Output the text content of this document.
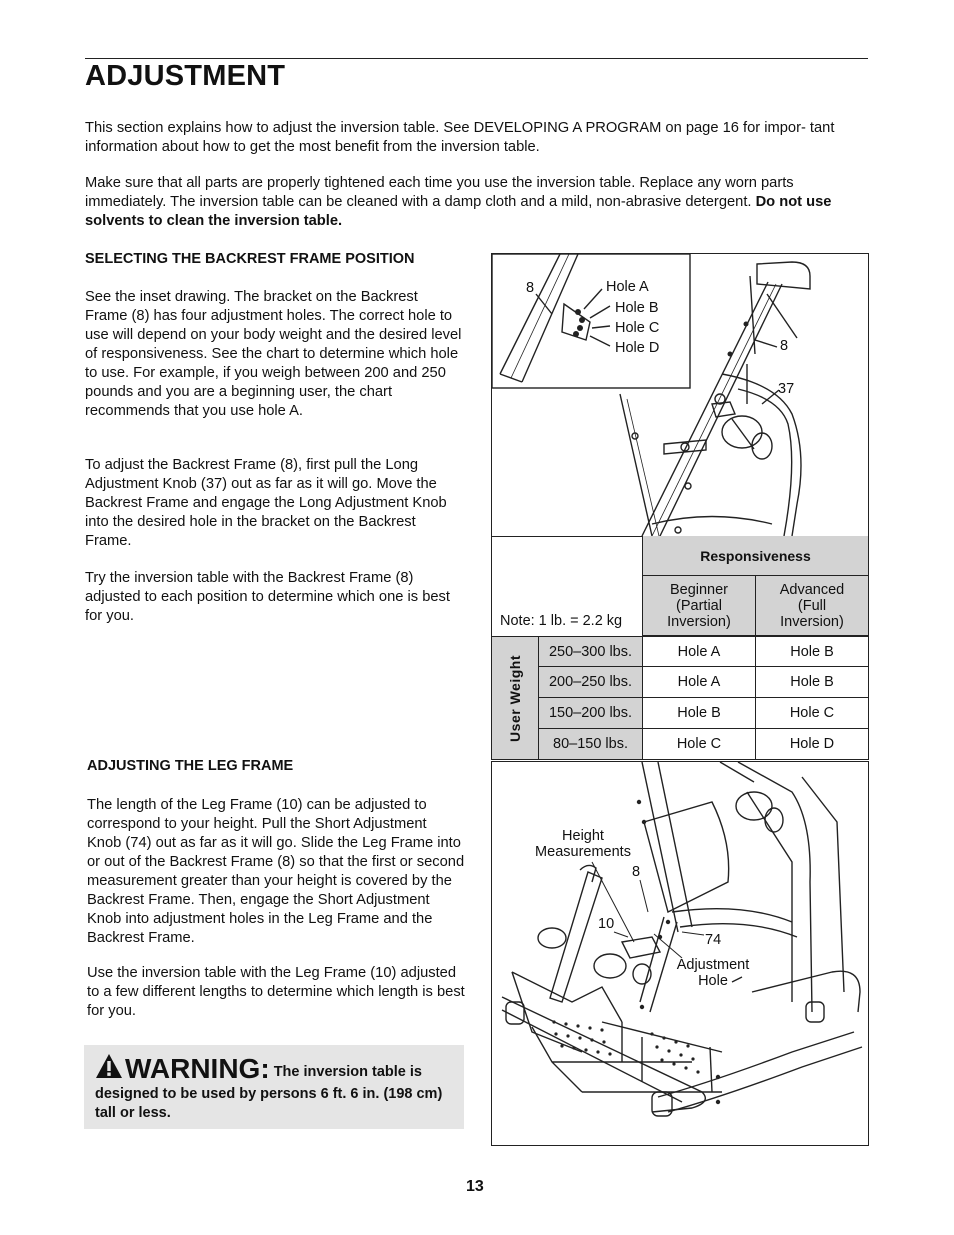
ADJUSTMENT

This section explains how to adjust the inversion table. See DEVELOPING A PROGRAM on page 16 for impor- tant information about how to get the most benefit from the inversion table.

Make sure that all parts are properly tightened each time you use the inversion table. Replace any worn parts immediately. The inversion table can be cleaned with a damp cloth and a mild, non-abrasive detergent. Do not use solvents to clean the inversion table.

SELECTING THE BACKREST FRAME POSITION

See the inset drawing. The bracket on the Backrest Frame (8) has four adjustment holes. The correct hole to use will depend on your body weight and the desired level of responsiveness. See the chart to determine which hole to use. For example, if you weigh between 200 and 250 pounds and you are a beginning user, the chart recommends that you use hole A.

To adjust the Backrest Frame (8), first pull the Long Adjustment Knob (37) out as far as it will go. Move the Backrest Frame and engage the Long Adjustment Knob into the desired hole in the bracket on the Backrest Frame.

Try the inversion table with the Backrest Frame (8) adjusted to each position to determine which one is best for you.

ADJUSTING THE LEG FRAME

The length of the Leg Frame (10) can be adjusted to correspond to your height. Pull the Short Adjustment Knob (74) out as far as it will go. Slide the Leg Frame into or out of the Backrest Frame (8) so that the first or second measurement greater than your height is covered by the Backrest Frame. Then, engage the Short Adjustment Knob into adjustment holes in the Leg Frame and the Backrest Frame.

Use the inversion table with the Leg Frame (10) adjusted to a few different lengths to determine which length is best for you.

WARNING: The inversion table is designed to be used by persons 6 ft. 6 in. (198 cm) tall or less.
8	Hole A
Hole B
Hole C
Hole D	8
37
Note: 1 lb. = 2.2 kg
Responsiveness
Beginner (Partial Inversion)
Advanced (Full Inversion)
User Weight
250–300 lbs.	Hole A	Hole B
200–250 lbs.	Hole A	Hole B
150–200 lbs.	Hole B	Hole C
80–150 lbs.	Hole C	Hole D
Height Measurements
8
10
74
Adjustment Hole
13
